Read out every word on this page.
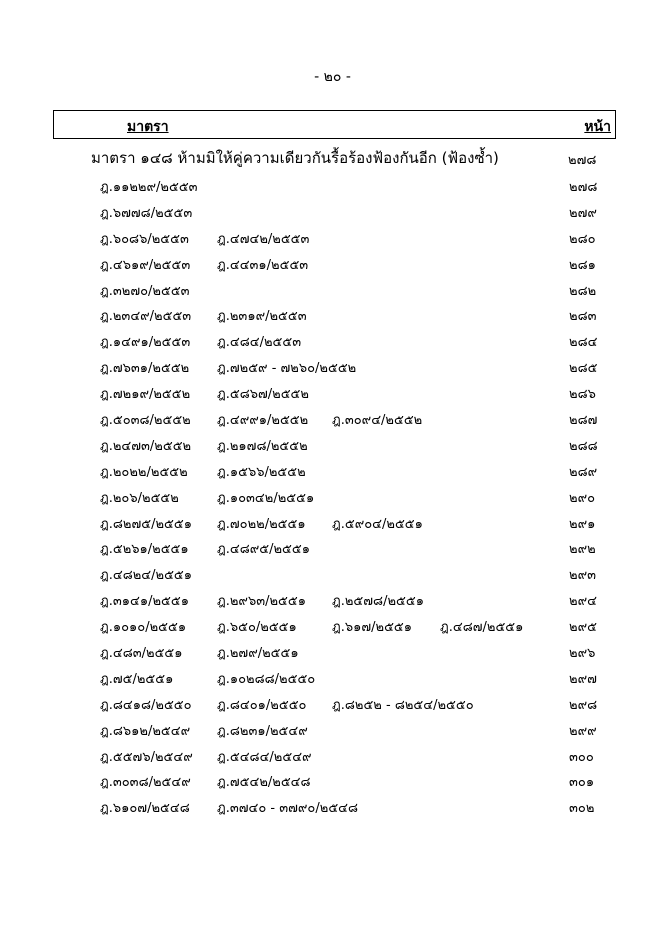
- ๒๐ -
มาตรา	หน้า
มาตรา ๑๔๘ ห้ามมิให้คู่ความเดียวกันรื้อร้องฟ้องกันอีก (ฟ้องซ้ำ)	๒๗๘
ฎ.๑๑๒๒๙/๒๕๕๓	๒๗๘
ฎ.๖๗๗๘/๒๕๕๓	๒๗๙
ฎ.๖๐๘๖/๒๕๕๓ ฎ.๔๗๔๒/๒๕๕๓	๒๘๐
ฎ.๔๖๑๙/๒๕๕๓ ฎ.๔๔๓๑/๒๕๕๓	๒๘๑
ฎ.๓๒๗๐/๒๕๕๓	๒๘๒
ฎ.๒๓๔๙/๒๕๕๓ ฎ.๒๓๑๙/๒๕๕๓	๒๘๓
ฎ.๑๔๙๑/๒๕๕๓ ฎ.๔๘๔/๒๕๕๓	๒๘๔
ฎ.๗๖๓๑/๒๕๕๒ ฎ.๗๒๕๙ - ๗๒๖๐/๒๕๕๒	๒๘๕
ฎ.๗๒๑๙/๒๕๕๒ ฎ.๕๘๖๗/๒๕๕๒	๒๘๖
ฎ.๕๐๓๘/๒๕๕๒ ฎ.๔๙๙๑/๒๕๕๒ ฎ.๓๐๙๔/๒๕๕๒	๒๘๗
ฎ.๒๔๗๓/๒๕๕๒ ฎ.๒๑๗๘/๒๕๕๒	๒๘๘
ฎ.๒๐๒๒/๒๕๕๒ ฎ.๑๕๖๖/๒๕๕๒	๒๘๙
ฎ.๒๐๖/๒๕๕๒	ฎ.๑๐๓๔๒/๒๕๕๑	๒๙๐
ฎ.๘๒๗๕/๒๕๕๑ ฎ.๗๐๒๒/๒๕๕๑ ฎ.๕๙๐๔/๒๕๕๑	๒๙๑
ฎ.๕๒๖๑/๒๕๕๑ ฎ.๔๘๙๕/๒๕๕๑	๒๙๒
ฎ.๔๘๒๔/๒๕๕๑	๒๙๓
ฎ.๓๑๔๑/๒๕๕๑ ฎ.๒๙๖๓/๒๕๕๑ ฎ.๒๕๗๘/๒๕๕๑	๒๙๔
ฎ.๑๐๑๐/๒๕๕๑ ฎ.๖๕๐/๒๕๕๑	ฎ.๖๑๗/๒๕๕๑ ฎ.๔๘๗/๒๕๕๑	๒๙๕
ฎ.๔๘๓/๒๕๕๑	ฎ.๒๗๙/๒๕๕๑	๒๙๖
ฎ.๗๕/๒๕๕๑	ฎ.๑๐๒๘๘/๒๕๕๐	๒๙๗
ฎ.๘๔๑๘/๒๕๕๐ ฎ.๘๔๐๑/๒๕๕๐ ฎ.๘๒๕๒ - ๘๒๕๔/๒๕๕๐	๒๙๘
ฎ.๘๖๑๒/๒๕๔๙ ฎ.๘๒๓๑/๒๕๔๙	๒๙๙
ฎ.๕๕๗๖/๒๕๔๙ ฎ.๕๔๘๔/๒๕๔๙	๓๐๐
ฎ.๓๐๓๘/๒๕๔๙ ฎ.๗๕๔๒/๒๕๔๘	๓๐๑
ฎ.๖๑๐๗/๒๕๔๘ ฎ.๓๗๔๐ - ๓๗๙๐/๒๕๔๘	๓๐๒
